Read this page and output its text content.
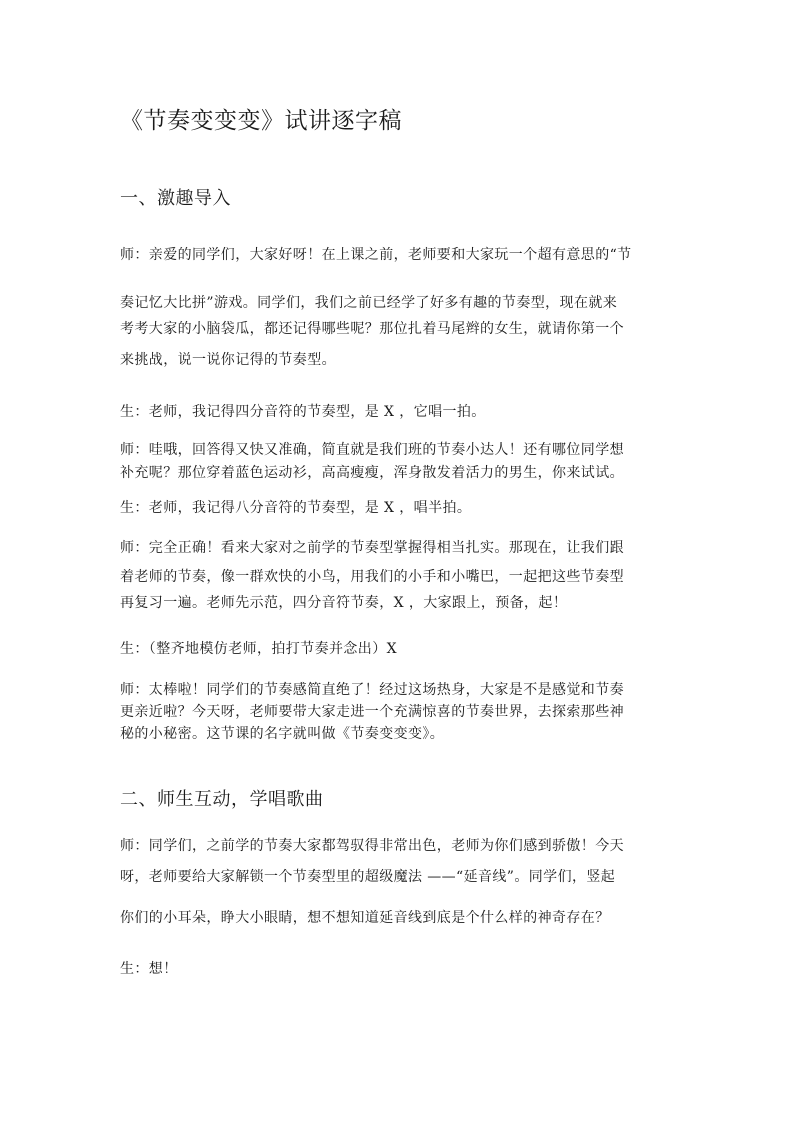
《节奏变变变》试讲逐字稿
一、激趣导入
师：亲爱的同学们，大家好呀！在上课之前，老师要和大家玩一个超有意思的“节
奏记忆大比拼”游戏。同学们，我们之前已经学了好多有趣的节奏型，现在就来
考考大家的小脑袋瓜，都还记得哪些呢？那位扎着马尾辫的女生，就请你第一个
来挑战，说一说你记得的节奏型。
生：老师，我记得四分音符的节奏型，是 X ，它唱一拍。
师：哇哦，回答得又快又准确，简直就是我们班的节奏小达人！还有哪位同学想
补充呢？那位穿着蓝色运动衫，高高瘦瘦，浑身散发着活力的男生，你来试试。
生：老师，我记得八分音符的节奏型，是 X ，唱半拍。
师：完全正确！看来大家对之前学的节奏型掌握得相当扎实。那现在，让我们跟
着老师的节奏，像一群欢快的小鸟，用我们的小手和小嘴巴，一起把这些节奏型
再复习一遍。老师先示范，四分音符节奏，X ，大家跟上，预备，起！
生：（整齐地模仿老师，拍打节奏并念出）X
师：太棒啦！同学们的节奏感简直绝了！经过这场热身，大家是不是感觉和节奏
更亲近啦？今天呀，老师要带大家走进一个充满惊喜的节奏世界，去探索那些神
秘的小秘密。这节课的名字就叫做《节奏变变变》。
二、师生互动，学唱歌曲
师：同学们，之前学的节奏大家都驾驭得非常出色，老师为你们感到骄傲！今天
呀，老师要给大家解锁一个节奏型里的超级魔法 ——“延音线”。同学们，竖起
你们的小耳朵，睁大小眼睛，想不想知道延音线到底是个什么样的神奇存在？
生：想！
